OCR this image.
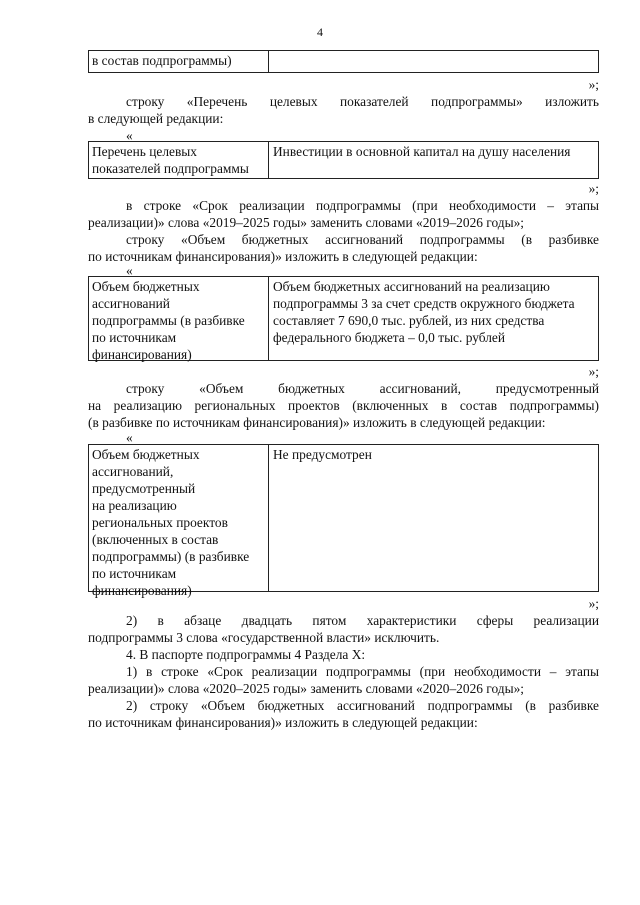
4
в состав подпрограммы)
»;
строку «Перечень целевых показателей подпрограммы» изложить
в следующей редакции:
«
Перечень целевых
показателей подпрограммы
Инвестиции в основной капитал на душу населения
»;
в строке «Срок реализации подпрограммы (при необходимости – этапы
реализации)» слова «2019–2025 годы» заменить словами «2019–2026 годы»;
строку «Объем бюджетных ассигнований подпрограммы (в разбивке
по источникам финансирования)» изложить в следующей редакции:
«
Объем бюджетных
ассигнований
подпрограммы (в разбивке
по источникам
финансирования)
Объем бюджетных ассигнований на реализацию
подпрограммы 3 за счет средств окружного бюджета
составляет 7 690,0 тыс. рублей, из них средства
федерального бюджета – 0,0 тыс. рублей
»;
строку «Объем бюджетных ассигнований, предусмотренный
на реализацию региональных проектов (включенных в состав подпрограммы)
(в разбивке по источникам финансирования)» изложить в следующей редакции:
«
Объем бюджетных
ассигнований,
предусмотренный
на реализацию
региональных проектов
(включенных в состав
подпрограммы) (в разбивке
по источникам
финансирования)
Не предусмотрен
»;
2) в абзаце двадцать пятом характеристики сферы реализации
подпрограммы 3 слова «государственной власти» исключить.
4. В паспорте подпрограммы 4 Раздела X:
1) в строке «Срок реализации подпрограммы (при необходимости – этапы
реализации)» слова «2020–2025 годы» заменить словами «2020–2026 годы»;
2) строку «Объем бюджетных ассигнований подпрограммы (в разбивке
по источникам финансирования)» изложить в следующей редакции:
